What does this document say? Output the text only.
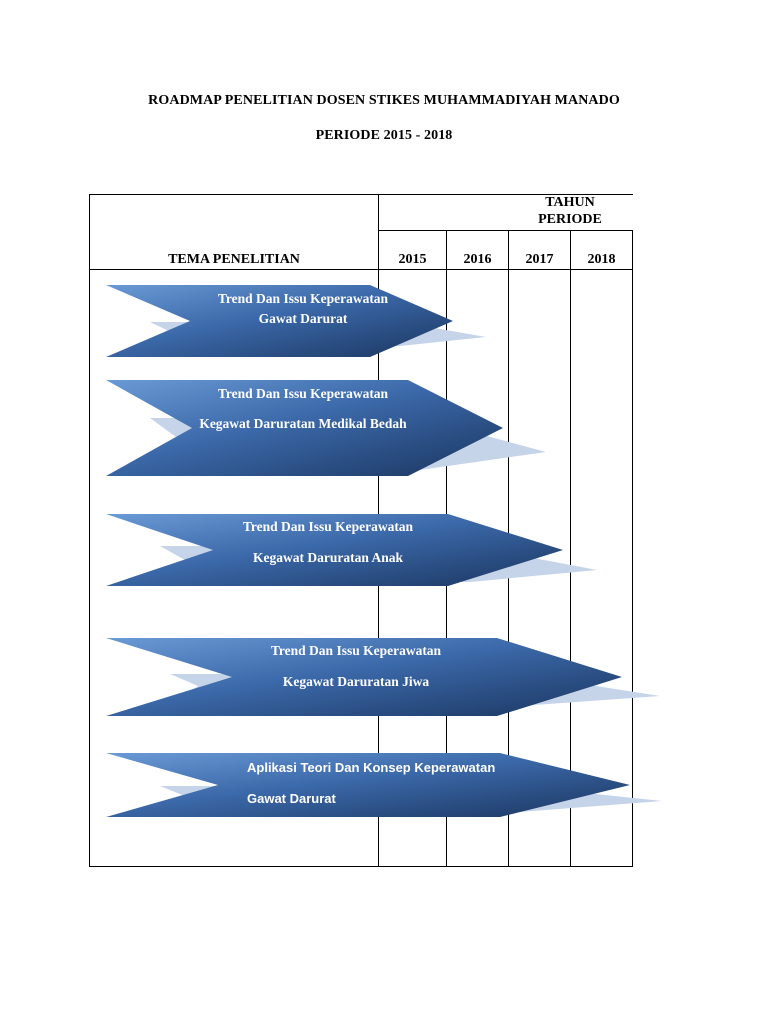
ROADMAP PENELITIAN DOSEN STIKES MUHAMMADIYAH MANADO
PERIODE 2015 - 2018
TAHUN
PERIODE
TEMA PENELITIAN	2015	2016	2017	2018
Trend Dan Issu Keperawatan
Gawat Darurat
Trend Dan Issu Keperawatan
Kegawat Daruratan Medikal Bedah
Trend Dan Issu Keperawatan
Kegawat Daruratan Anak
Trend Dan Issu Keperawatan
Kegawat Daruratan Jiwa
Aplikasi Teori Dan Konsep Keperawatan
Gawat Darurat
